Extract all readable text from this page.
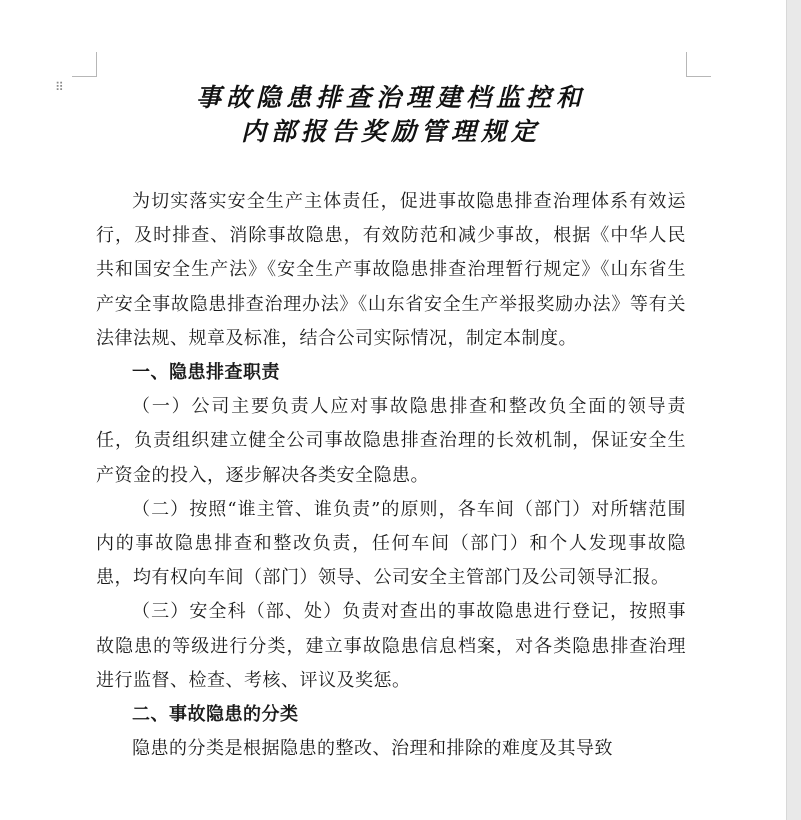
⠿	事故隐患排查治理建档监控和
内部报告奖励管理规定

为切实落实安全生产主体责任，促进事故隐患排查治理体系有效运行，及时排查、消除事故隐患，有效防范和减少事故，根据《中华人民共和国安全生产法》《安全生产事故隐患排查治理暂行规定》《山东省生产安全事故隐患排查治理办法》《山东省安全生产举报奖励办法》等有关法律法规、规章及标准，结合公司实际情况，制定本制度。

一、隐患排查职责

（一）公司主要负责人应对事故隐患排查和整改负全面的领导责任，负责组织建立健全公司事故隐患排查治理的长效机制，保证安全生产资金的投入，逐步解决各类安全隐患。

（二）按照“谁主管、谁负责”的原则，各车间（部门）对所辖范围内的事故隐患排查和整改负责，任何车间（部门）和个人发现事故隐患，均有权向车间（部门）领导、公司安全主管部门及公司领导汇报。

（三）安全科（部、处）负责对查出的事故隐患进行登记，按照事故隐患的等级进行分类，建立事故隐患信息档案，对各类隐患排查治理进行监督、检查、考核、评议及奖惩。

二、事故隐患的分类

隐患的分类是根据隐患的整改、治理和排除的难度及其导致
